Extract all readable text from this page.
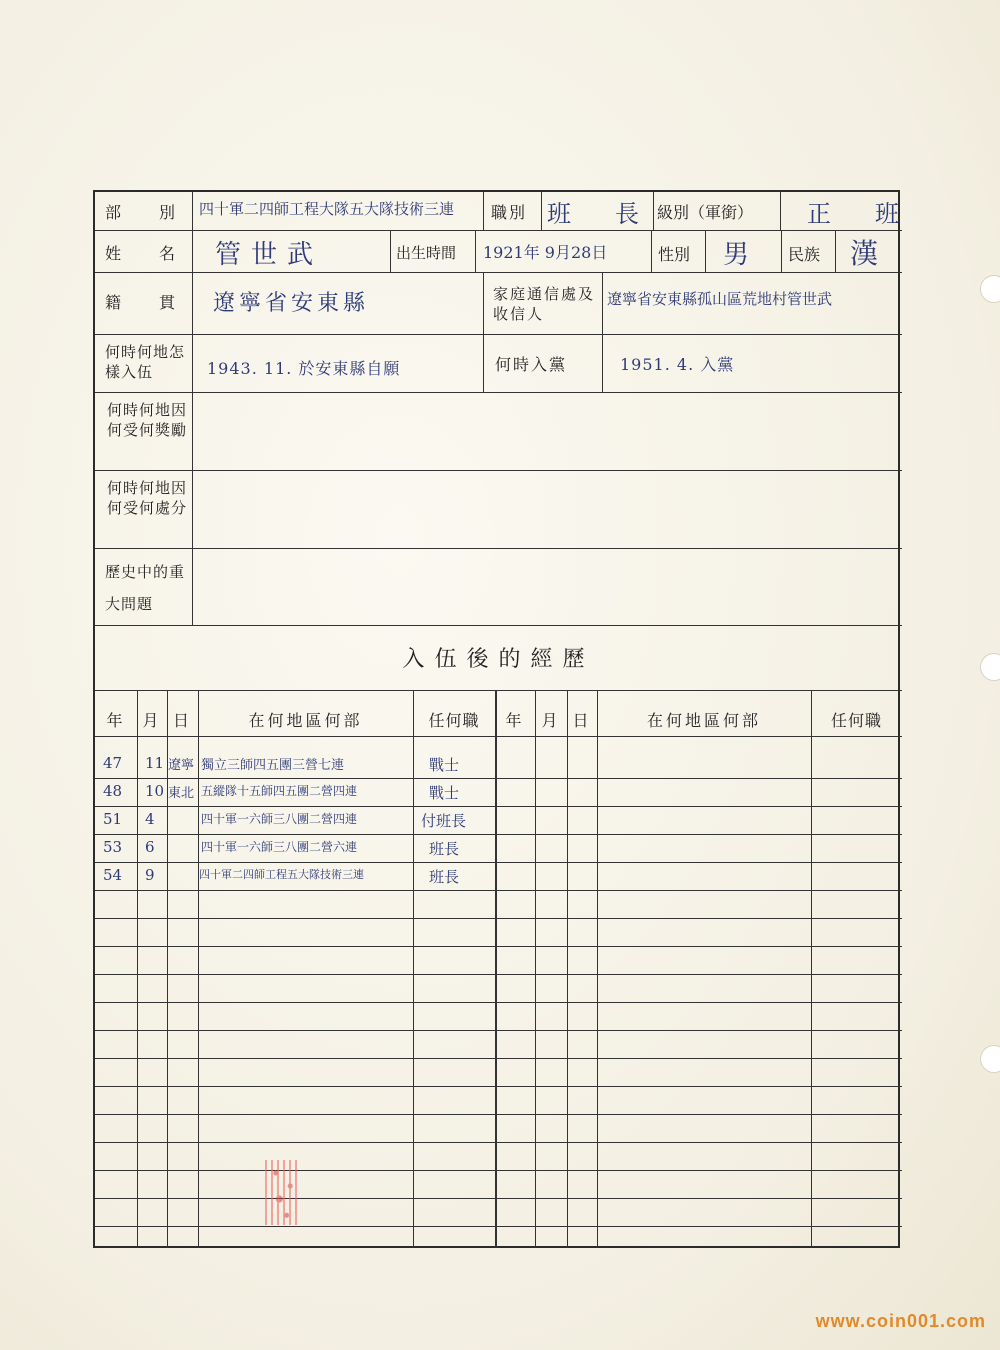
部　　別 四十軍二四師工程大隊五大隊技術三連 職別 班　長 級別（軍銜） 正　班
姓　　名 管世武	出生時間 1921年 9月28日	性別 男 民族 漢
籍　　貫 遼寧省安東縣	家庭通信處及收信人
遼寧省安東縣孤山區荒地村管世武
何時何地怎樣入伍	1943. 11. 於安東縣自願	何時入黨	1951. 4. 入黨
何時何地因何受何獎勵
何時何地因何受何處分
歷史中的重大問題
入伍後的經歷
年	月 日	在何地區何部	任何職	年	月 日	在何地區何部	任何職
47 11 遼寧 獨立三師四五團三營七連	戰士
48 10 東北 五縱隊十五師四五團二營四連	戰士
51 4	四十軍一六師三八團二營四連	付班長
53 6	四十軍一六師三八團二營六連	班長
54 9	四十軍二四師工程五大隊技術三連	班長
www.coin001.com
